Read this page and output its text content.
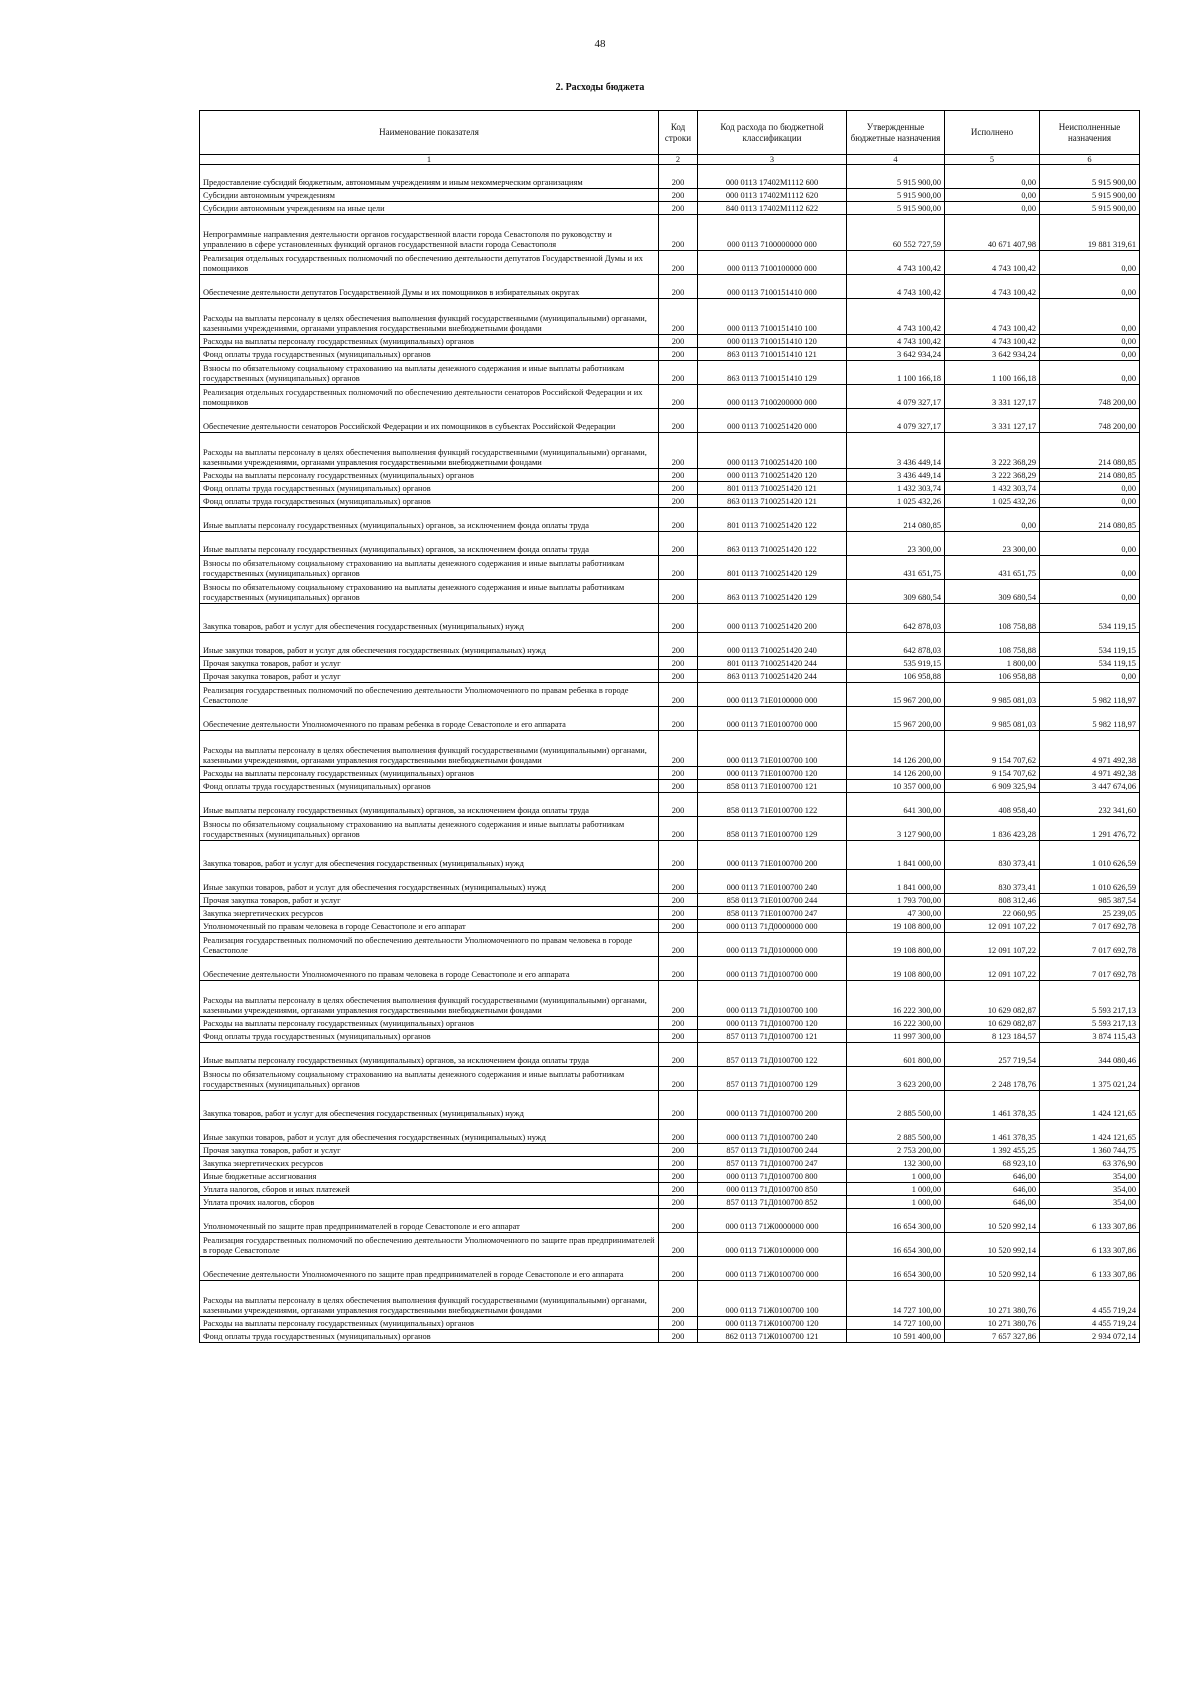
48
2. Расходы бюджета
Наименование показателя	Код строки	Код расхода по бюджетной классификации	Утвержденные бюджетные назначения	Исполнено	Неисполненные назначения
1	2	3	4	5	6
Предоставление субсидий бюджетным, автономным учреждениям и иным некоммерческим организациям	200	000 0113 17402M1112 600	5 915 900,00	0,00	5 915 900,00
Субсидии автономным учреждениям	200	000 0113 17402M1112 620	5 915 900,00	0,00	5 915 900,00
Субсидии автономным учреждениям на иные цели	200	840 0113 17402M1112 622	5 915 900,00	0,00	5 915 900,00
Непрограммные направления деятельности органов государственной власти города Севастополя по руководству и управлению в сфере установленных функций органов государственной власти города Севастополя	200	000 0113 7100000000 000	60 552 727,59	40 671 407,98	19 881 319,61
Реализация отдельных государственных полномочий по обеспечению деятельности депутатов Государственной Думы и их помощников	200	000 0113 7100100000 000	4 743 100,42	4 743 100,42	0,00
Обеспечение деятельности депутатов Государственной Думы и их помощников в избирательных округах	200	000 0113 7100151410 000	4 743 100,42	4 743 100,42	0,00
Расходы на выплаты персоналу в целях обеспечения выполнения функций государственными (муниципальными) органами, казенными учреждениями, органами управления государственными внебюджетными фондами	200	000 0113 7100151410 100	4 743 100,42	4 743 100,42	0,00
Расходы на выплаты персоналу государственных (муниципальных) органов	200	000 0113 7100151410 120	4 743 100,42	4 743 100,42	0,00
Фонд оплаты труда государственных (муниципальных) органов	200	863 0113 7100151410 121	3 642 934,24	3 642 934,24	0,00
Взносы по обязательному социальному страхованию на выплаты денежного содержания и иные выплаты работникам государственных (муниципальных) органов	200	863 0113 7100151410 129	1 100 166,18	1 100 166,18	0,00
Реализация отдельных государственных полномочий по обеспечению деятельности сенаторов Российской Федерации и их помощников	200	000 0113 7100200000 000	4 079 327,17	3 331 127,17	748 200,00
Обеспечение деятельности сенаторов Российской Федерации и их помощников в субъектах Российской Федерации	200	000 0113 7100251420 000	4 079 327,17	3 331 127,17	748 200,00
Расходы на выплаты персоналу в целях обеспечения выполнения функций государственными (муниципальными) органами, казенными учреждениями, органами управления государственными внебюджетными фондами	200	000 0113 7100251420 100	3 436 449,14	3 222 368,29	214 080,85
Расходы на выплаты персоналу государственных (муниципальных) органов	200	000 0113 7100251420 120	3 436 449,14	3 222 368,29	214 080,85
Фонд оплаты труда государственных (муниципальных) органов	200	801 0113 7100251420 121	1 432 303,74	1 432 303,74	0,00
Фонд оплаты труда государственных (муниципальных) органов	200	863 0113 7100251420 121	1 025 432,26	1 025 432,26	0,00
Иные выплаты персоналу государственных (муниципальных) органов, за исключением фонда оплаты труда	200	801 0113 7100251420 122	214 080,85	0,00	214 080,85
Иные выплаты персоналу государственных (муниципальных) органов, за исключением фонда оплаты труда	200	863 0113 7100251420 122	23 300,00	23 300,00	0,00
Взносы по обязательному социальному страхованию на выплаты денежного содержания и иные выплаты работникам государственных (муниципальных) органов	200	801 0113 7100251420 129	431 651,75	431 651,75	0,00
Взносы по обязательному социальному страхованию на выплаты денежного содержания и иные выплаты работникам государственных (муниципальных) органов	200	863 0113 7100251420 129	309 680,54	309 680,54	0,00
Закупка товаров, работ и услуг для обеспечения государственных (муниципальных) нужд	200	000 0113 7100251420 200	642 878,03	108 758,88	534 119,15
Иные закупки товаров, работ и услуг для обеспечения государственных (муниципальных) нужд	200	000 0113 7100251420 240	642 878,03	108 758,88	534 119,15
Прочая закупка товаров, работ и услуг	200	801 0113 7100251420 244	535 919,15	1 800,00	534 119,15
Прочая закупка товаров, работ и услуг	200	863 0113 7100251420 244	106 958,88	106 958,88	0,00
Реализация государственных полномочий по обеспечению деятельности Уполномоченного по правам ребенка в городе Севастополе	200	000 0113 71E0100000 000	15 967 200,00	9 985 081,03	5 982 118,97
Обеспечение деятельности Уполномоченного по правам ребенка в городе Севастополе и его аппарата	200	000 0113 71E0100700 000	15 967 200,00	9 985 081,03	5 982 118,97
Расходы на выплаты персоналу в целях обеспечения выполнения функций государственными (муниципальными) органами, казенными учреждениями, органами управления государственными внебюджетными фондами	200	000 0113 71E0100700 100	14 126 200,00	9 154 707,62	4 971 492,38
Расходы на выплаты персоналу государственных (муниципальных) органов	200	000 0113 71E0100700 120	14 126 200,00	9 154 707,62	4 971 492,38
Фонд оплаты труда государственных (муниципальных) органов	200	858 0113 71E0100700 121	10 357 000,00	6 909 325,94	3 447 674,06
Иные выплаты персоналу государственных (муниципальных) органов, за исключением фонда оплаты труда	200	858 0113 71E0100700 122	641 300,00	408 958,40	232 341,60
Взносы по обязательному социальному страхованию на выплаты денежного содержания и иные выплаты работникам государственных (муниципальных) органов	200	858 0113 71E0100700 129	3 127 900,00	1 836 423,28	1 291 476,72
Закупка товаров, работ и услуг для обеспечения государственных (муниципальных) нужд	200	000 0113 71E0100700 200	1 841 000,00	830 373,41	1 010 626,59
Иные закупки товаров, работ и услуг для обеспечения государственных (муниципальных) нужд	200	000 0113 71E0100700 240	1 841 000,00	830 373,41	1 010 626,59
Прочая закупка товаров, работ и услуг	200	858 0113 71E0100700 244	1 793 700,00	808 312,46	985 387,54
Закупка энергетических ресурсов	200	858 0113 71E0100700 247	47 300,00	22 060,95	25 239,05
Уполномоченный по правам человека в городе Севастополе и его аппарат	200	000 0113 71Д0000000 000	19 108 800,00	12 091 107,22	7 017 692,78
Реализация государственных полномочий по обеспечению деятельности Уполномоченного по правам человека в городе Севастополе	200	000 0113 71Д0100000 000	19 108 800,00	12 091 107,22	7 017 692,78
Обеспечение деятельности Уполномоченного по правам человека в городе Севастополе и его аппарата	200	000 0113 71Д0100700 000	19 108 800,00	12 091 107,22	7 017 692,78
Расходы на выплаты персоналу в целях обеспечения выполнения функций государственными (муниципальными) органами, казенными учреждениями, органами управления государственными внебюджетными фондами	200	000 0113 71Д0100700 100	16 222 300,00	10 629 082,87	5 593 217,13
Расходы на выплаты персоналу государственных (муниципальных) органов	200	000 0113 71Д0100700 120	16 222 300,00	10 629 082,87	5 593 217,13
Фонд оплаты труда государственных (муниципальных) органов	200	857 0113 71Д0100700 121	11 997 300,00	8 123 184,57	3 874 115,43
Иные выплаты персоналу государственных (муниципальных) органов, за исключением фонда оплаты труда	200	857 0113 71Д0100700 122	601 800,00	257 719,54	344 080,46
Взносы по обязательному социальному страхованию на выплаты денежного содержания и иные выплаты работникам государственных (муниципальных) органов	200	857 0113 71Д0100700 129	3 623 200,00	2 248 178,76	1 375 021,24
Закупка товаров, работ и услуг для обеспечения государственных (муниципальных) нужд	200	000 0113 71Д0100700 200	2 885 500,00	1 461 378,35	1 424 121,65
Иные закупки товаров, работ и услуг для обеспечения государственных (муниципальных) нужд	200	000 0113 71Д0100700 240	2 885 500,00	1 461 378,35	1 424 121,65
Прочая закупка товаров, работ и услуг	200	857 0113 71Д0100700 244	2 753 200,00	1 392 455,25	1 360 744,75
Закупка энергетических ресурсов	200	857 0113 71Д0100700 247	132 300,00	68 923,10	63 376,90
Иные бюджетные ассигнования	200	000 0113 71Д0100700 800	1 000,00	646,00	354,00
Уплата налогов, сборов и иных платежей	200	000 0113 71Д0100700 850	1 000,00	646,00	354,00
Уплата прочих налогов, сборов	200	857 0113 71Д0100700 852	1 000,00	646,00	354,00
Уполномоченный по защите прав предпринимателей в городе Севастополе и его аппарат	200	000 0113 71Ж0000000 000	16 654 300,00	10 520 992,14	6 133 307,86
Реализация государственных полномочий по обеспечению деятельности Уполномоченного по защите прав предпринимателей в городе Севастополе	200	000 0113 71Ж0100000 000	16 654 300,00	10 520 992,14	6 133 307,86
Обеспечение деятельности Уполномоченного по защите прав предпринимателей в городе Севастополе и его аппарата	200	000 0113 71Ж0100700 000	16 654 300,00	10 520 992,14	6 133 307,86
Расходы на выплаты персоналу в целях обеспечения выполнения функций государственными (муниципальными) органами, казенными учреждениями, органами управления государственными внебюджетными фондами	200	000 0113 71Ж0100700 100	14 727 100,00	10 271 380,76	4 455 719,24
Расходы на выплаты персоналу государственных (муниципальных) органов	200	000 0113 71Ж0100700 120	14 727 100,00	10 271 380,76	4 455 719,24
Фонд оплаты труда государственных (муниципальных) органов	200	862 0113 71Ж0100700 121	10 591 400,00	7 657 327,86	2 934 072,14
